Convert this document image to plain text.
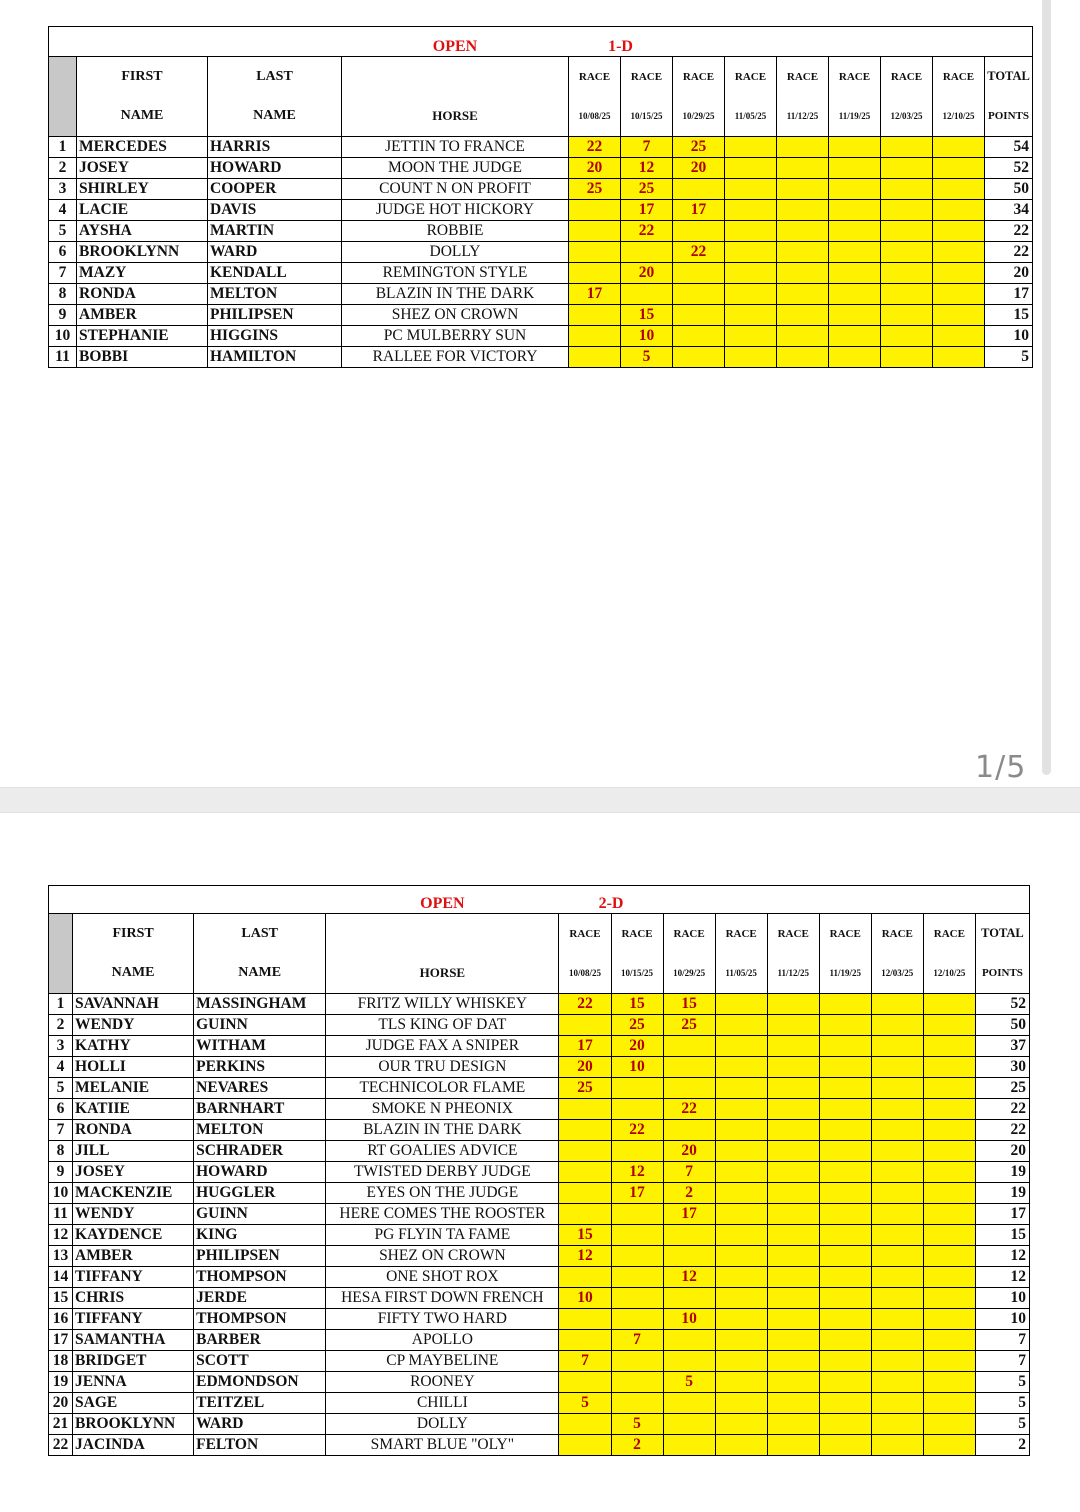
			OPEN	1-D								
	FIRST	LAST		RACE	RACE	RACE	RACE	RACE	RACE	RACE	RACE	TOTAL
	NAME	NAME	HORSE	10/08/25	10/15/25	10/29/25	11/05/25	11/12/25	11/19/25	12/03/25	12/10/25	POINTS
1	MERCEDES	HARRIS	JETTIN TO FRANCE	22	7	25						54
2	JOSEY	HOWARD	MOON THE JUDGE	20	12	20						52
3	SHIRLEY	COOPER	COUNT N ON PROFIT	25	25							50
4	LACIE	DAVIS	JUDGE HOT HICKORY		17	17						34
5	AYSHA	MARTIN	ROBBIE		22							22
6	BROOKLYNN	WARD	DOLLY			22						22
7	MAZY	KENDALL	REMINGTON STYLE		20							20
8	RONDA	MELTON	BLAZIN IN THE DARK	17								17
9	AMBER	PHILIPSEN	SHEZ ON CROWN		15							15
10	STEPHANIE	HIGGINS	PC MULBERRY SUN		10							10
11	BOBBI	HAMILTON	RALLEE FOR VICTORY		5							5
1/5
			OPEN	2-D								
	FIRST	LAST		RACE	RACE	RACE	RACE	RACE	RACE	RACE	RACE	TOTAL
	NAME	NAME	HORSE	10/08/25	10/15/25	10/29/25	11/05/25	11/12/25	11/19/25	12/03/25	12/10/25	POINTS
1	SAVANNAH	MASSINGHAM	FRITZ WILLY WHISKEY	22	15	15						52
2	WENDY	GUINN	TLS KING OF DAT		25	25						50
3	KATHY	WITHAM	JUDGE FAX A SNIPER	17	20							37
4	HOLLI	PERKINS	OUR TRU DESIGN	20	10							30
5	MELANIE	NEVARES	TECHNICOLOR FLAME	25								25
6	KATIIE	BARNHART	SMOKE N PHEONIX			22						22
7	RONDA	MELTON	BLAZIN IN THE DARK		22							22
8	JILL	SCHRADER	RT GOALIES ADVICE			20						20
9	JOSEY	HOWARD	TWISTED DERBY JUDGE		12	7						19
10	MACKENZIE	HUGGLER	EYES ON THE JUDGE		17	2						19
11	WENDY	GUINN	HERE COMES THE ROOSTER			17						17
12	KAYDENCE	KING	PG FLYIN TA FAME	15								15
13	AMBER	PHILIPSEN	SHEZ ON CROWN	12								12
14	TIFFANY	THOMPSON	ONE SHOT ROX			12						12
15	CHRIS	JERDE	HESA FIRST DOWN FRENCH	10								10
16	TIFFANY	THOMPSON	FIFTY TWO HARD			10						10
17	SAMANTHA	BARBER	APOLLO		7							7
18	BRIDGET	SCOTT	CP MAYBELINE	7								7
19	JENNA	EDMONDSON	ROONEY			5						5
20	SAGE	TEITZEL	CHILLI	5								5
21	BROOKLYNN	WARD	DOLLY		5							5
22	JACINDA	FELTON	SMART BLUE "OLY"		2							2
